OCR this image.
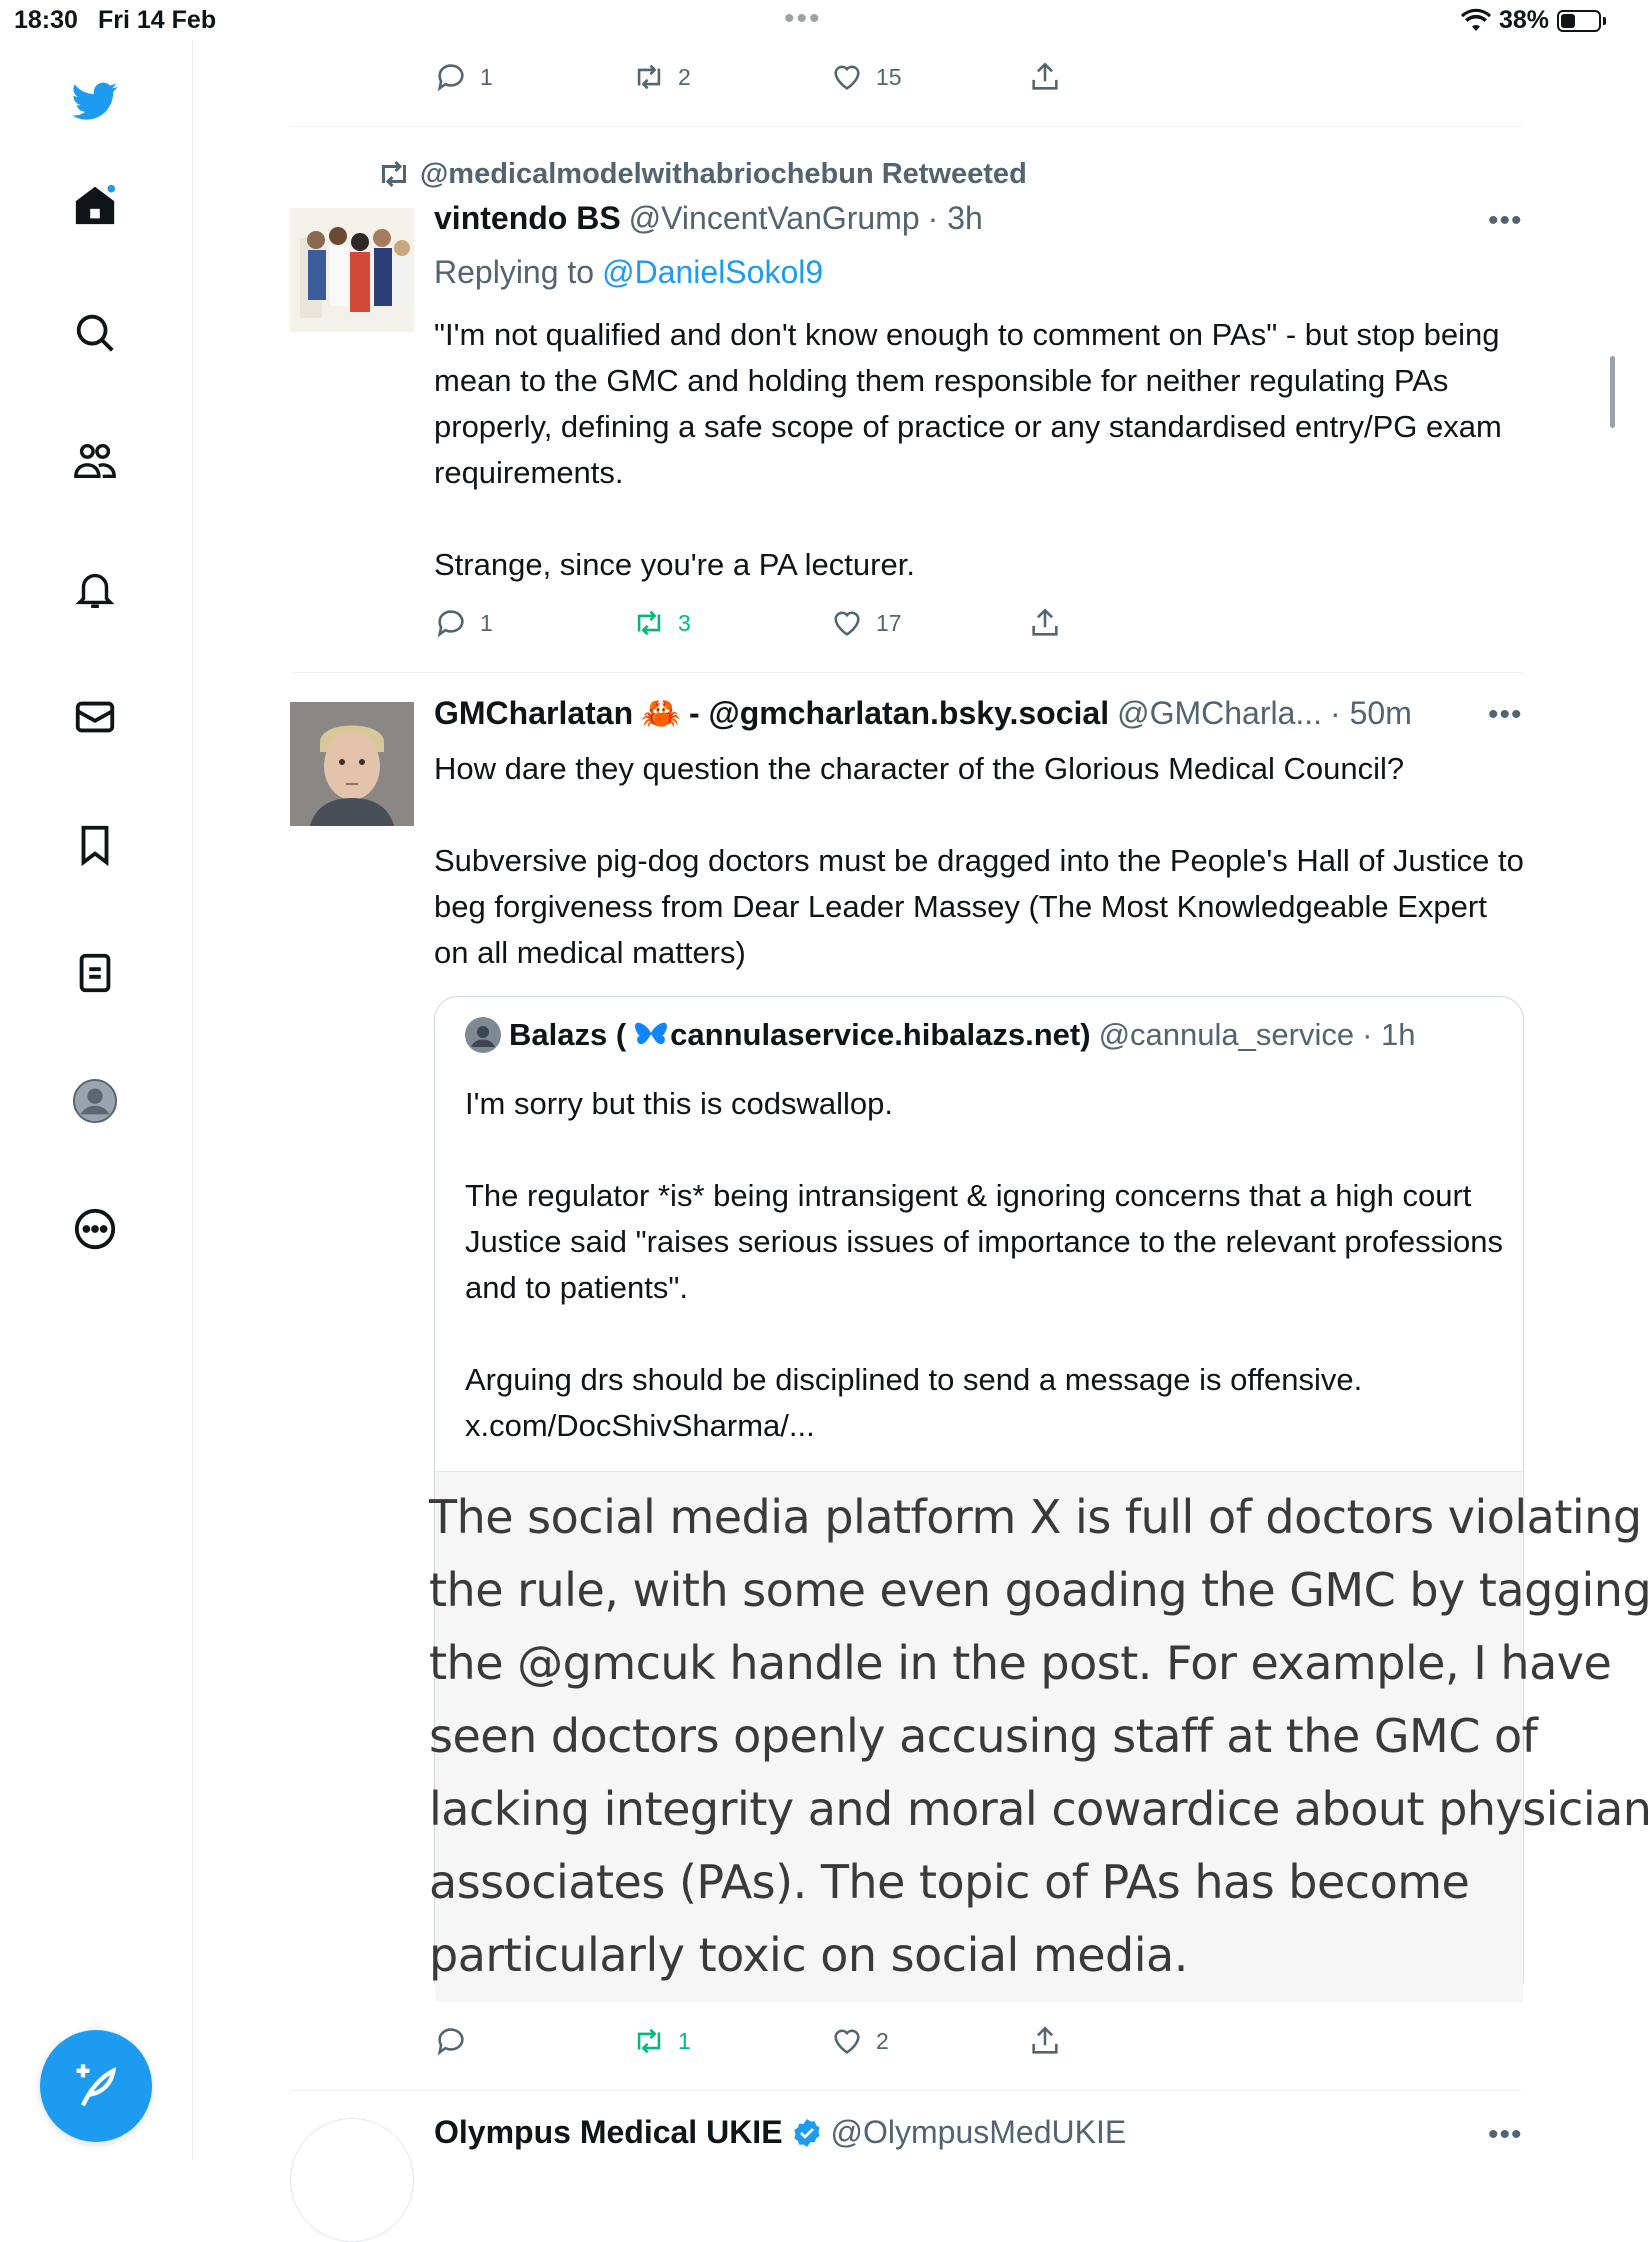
18:30 Fri 14 Feb	•••	38%
1	2	15
@medicalmodelwithabriochebun Retweeted
vintendo BS @VincentVanGrump · 3h	•••
Replying to @DanielSokol9
"I'm not qualified and don't know enough to comment on PAs" - but stop being mean to the GMC and holding them responsible for neither regulating PAs properly, defining a safe scope of practice or any standardised entry/PG exam requirements.

Strange, since you're a PA lecturer.
1	3	17
GMCharlatan 🦀 - @gmcharlatan.bsky.social @GMCharla... · 50m	•••
How dare they question the character of the Glorious Medical Council?

Subversive pig-dog doctors must be dragged into the People's Hall of Justice to beg forgiveness from Dear Leader Massey (The Most Knowledgeable Expert on all medical matters)
Balazs ( cannulaservice.hibalazs.net) @cannula_service · 1h
I'm sorry but this is codswallop.

The regulator *is* being intransigent & ignoring concerns that a high court Justice said "raises serious issues of importance to the relevant professions and to patients".

Arguing drs should be disciplined to send a message is offensive.
x.com/DocShivSharma/...
The social media platform X is full of doctors violating
the rule, with some even goading the GMC by tagging
the @gmcuk handle in the post. For example, I have
seen doctors openly accusing staff at the GMC of
lacking integrity and moral cowardice about physician
associates (PAs). The topic of PAs has become
particularly toxic on social media.
1	2
Olympus Medical UKIE @OlympusMedUKIE	•••
